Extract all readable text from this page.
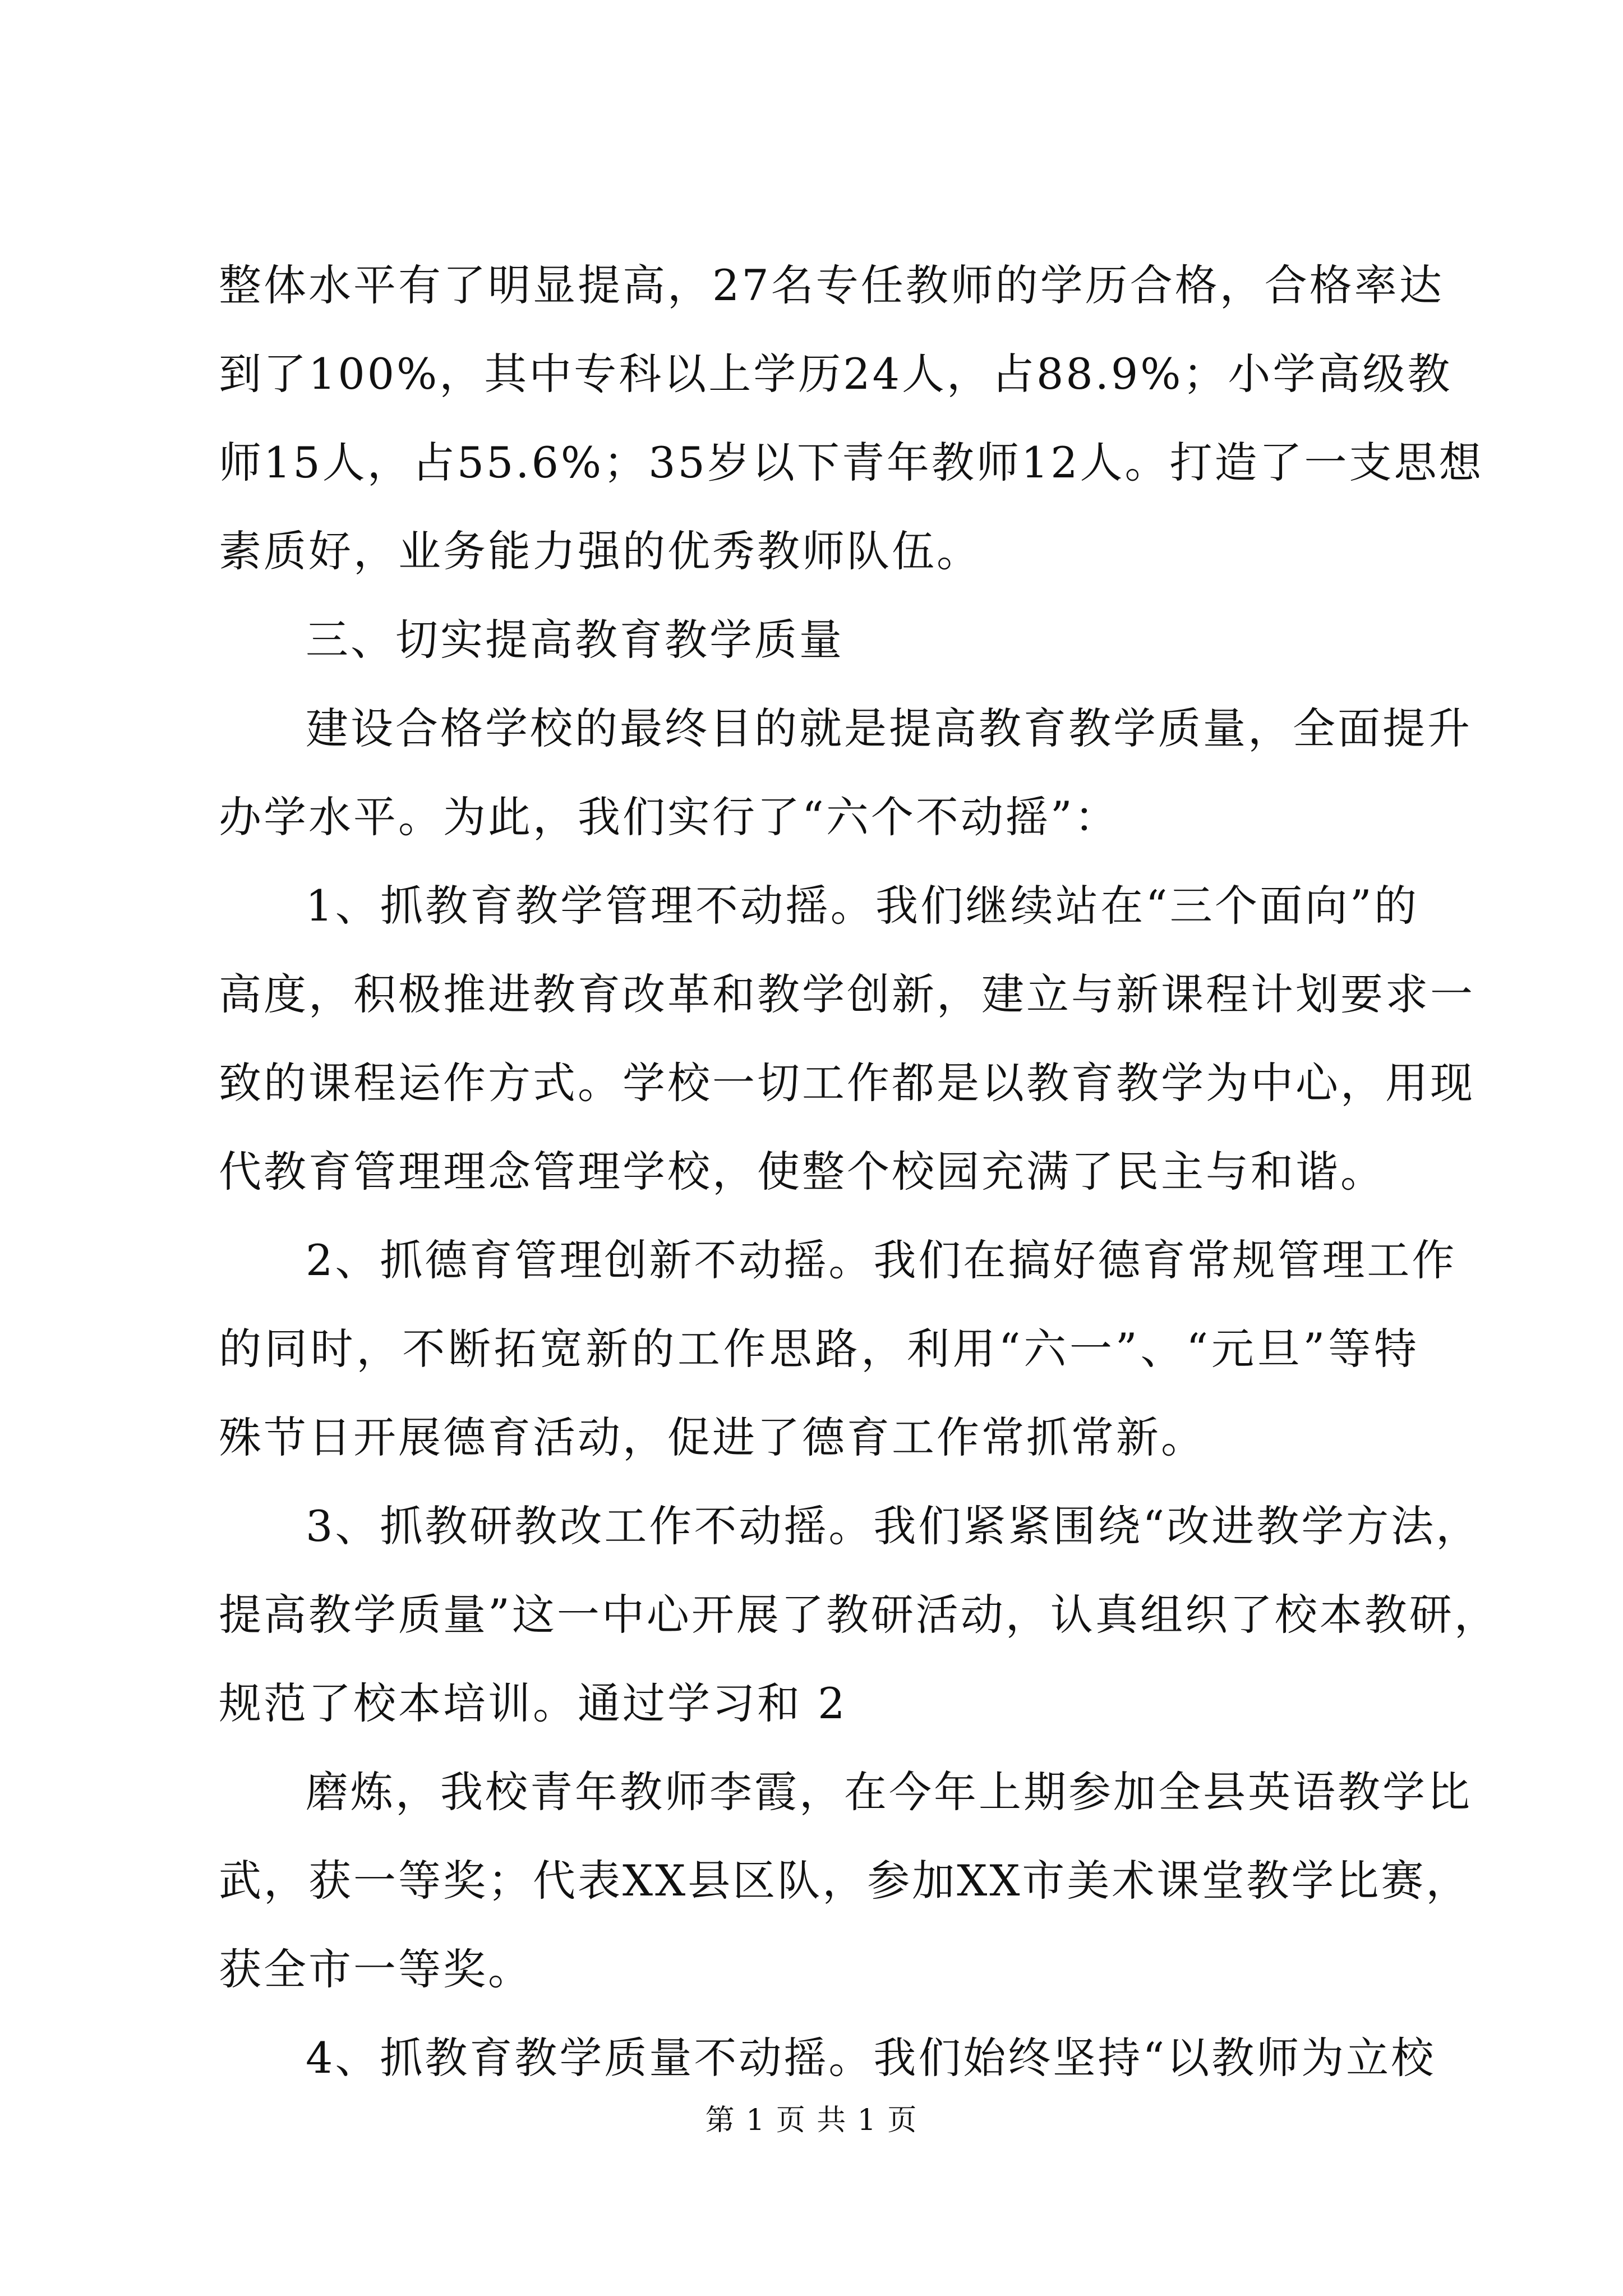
整体水平有了明显提高，27名专任教师的学历合格，合格率达
到了100%，其中专科以上学历24人，占88.9%；小学高级教
师15人，占55.6%；35岁以下青年教师12人。打造了一支思想
素质好，业务能力强的优秀教师队伍。
三、切实提高教育教学质量
建设合格学校的最终目的就是提高教育教学质量，全面提升
办学水平。为此，我们实行了“六个不动摇”：
1、抓教育教学管理不动摇。我们继续站在“三个面向”的
高度，积极推进教育改革和教学创新，建立与新课程计划要求一
致的课程运作方式。学校一切工作都是以教育教学为中心，用现
代教育管理理念管理学校，使整个校园充满了民主与和谐。
2、抓德育管理创新不动摇。我们在搞好德育常规管理工作
的同时，不断拓宽新的工作思路，利用“六一”、“元旦”等特
殊节日开展德育活动，促进了德育工作常抓常新。
3、抓教研教改工作不动摇。我们紧紧围绕“改进教学方法，
提高教学质量”这一中心开展了教研活动，认真组织了校本教研，
规范了校本培训。通过学习和 2
磨炼，我校青年教师李霞，在今年上期参加全县英语教学比
武，获一等奖；代表XX县区队，参加XX市美术课堂教学比赛，
获全市一等奖。
4、抓教育教学质量不动摇。我们始终坚持“以教师为立校
第 1 页 共 1 页
